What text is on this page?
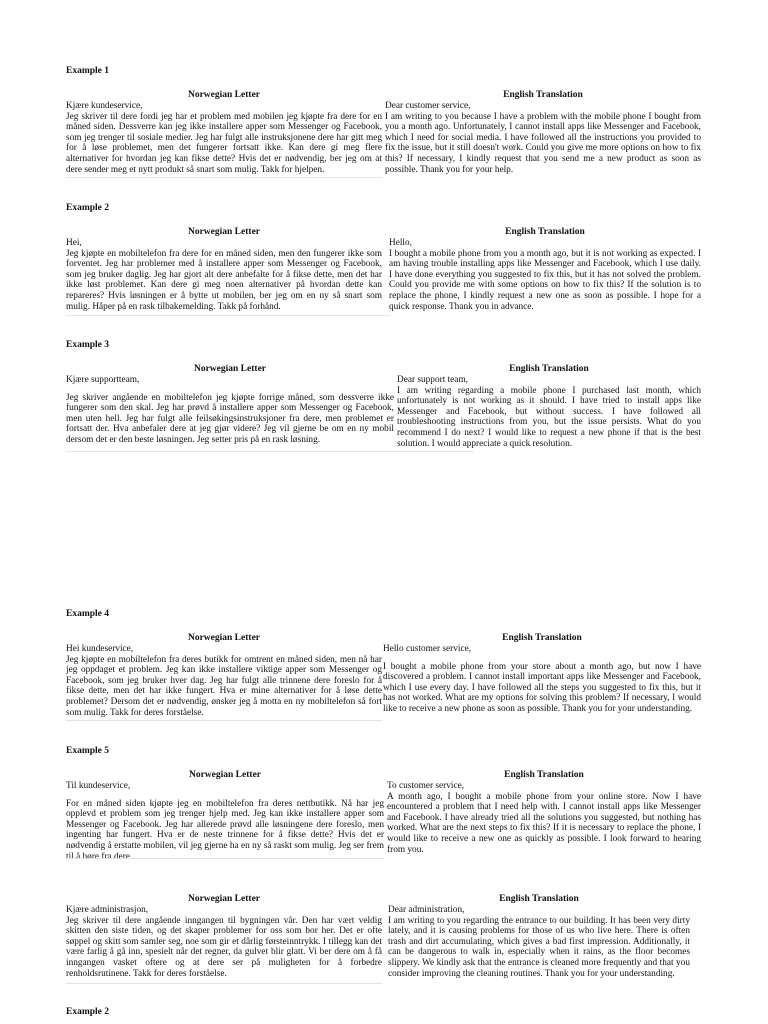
Example 1
Norwegian Letter
Kjære kundeservice,

Jeg skriver til dere fordi jeg har et problem med mobilen jeg kjøpte fra dere for en måned siden. Dessverre kan jeg ikke installere apper som Messenger og Facebook, som jeg trenger til sosiale medier. Jeg har fulgt alle instruksjonene dere har gitt meg for å løse problemet, men det fungerer fortsatt ikke. Kan dere gi meg flere alternativer for hvordan jeg kan fikse dette? Hvis det er nødvendig, ber jeg om at dere sender meg et nytt produkt så snart som mulig. Takk for hjelpen.

English Translation
Dear customer service,

I am writing to you because I have a problem with the mobile phone I bought from you a month ago. Unfortunately, I cannot install apps like Messenger and Facebook, which I need for social media. I have followed all the instructions you provided to fix the issue, but it still doesn't work. Could you give me more options on how to fix this? If necessary, I kindly request that you send me a new product as soon as possible. Thank you for your help.

Example 2
Norwegian Letter
Hei,

Jeg kjøpte en mobiltelefon fra dere for en måned siden, men den fungerer ikke som forventet. Jeg har problemer med å installere apper som Messenger og Facebook, som jeg bruker daglig. Jeg har gjort alt dere anbefalte for å fikse dette, men det har ikke løst problemet. Kan dere gi meg noen alternativer på hvordan dette kan repareres? Hvis løsningen er å bytte ut mobilen, ber jeg om en ny så snart som mulig. Håper på en rask tilbakemelding. Takk på forhånd.

English Translation
Hello,

I bought a mobile phone from you a month ago, but it is not working as expected. I am having trouble installing apps like Messenger and Facebook, which I use daily. I have done everything you suggested to fix this, but it has not solved the problem. Could you provide me with some options on how to fix this? If the solution is to replace the phone, I kindly request a new one as soon as possible. I hope for a quick response. Thank you in advance.

Example 3
Norwegian Letter
Kjære supportteam,

Jeg skriver angående en mobiltelefon jeg kjøpte forrige måned, som dessverre ikke fungerer som den skal. Jeg har prøvd å installere apper som Messenger og Facebook, men uten hell. Jeg har fulgt alle feilsøkingsinstruksjoner fra dere, men problemet er fortsatt der. Hva anbefaler dere at jeg gjør videre? Jeg vil gjerne be om en ny mobil dersom det er den beste løsningen. Jeg setter pris på en rask løsning.

English Translation
Dear support team,

I am writing regarding a mobile phone I purchased last month, which unfortunately is not working as it should. I have tried to install apps like Messenger and Facebook, but without success. I have followed all troubleshooting instructions from you, but the issue persists. What do you recommend I do next? I would like to request a new phone if that is the best solution. I would appreciate a quick resolution.

Example 4
Norwegian Letter
Hei kundeservice,

Jeg kjøpte en mobiltelefon fra deres butikk for omtrent en måned siden, men nå har jeg oppdaget et problem. Jeg kan ikke installere viktige apper som Messenger og Facebook, som jeg bruker hver dag. Jeg har fulgt alle trinnene dere foreslo for å fikse dette, men det har ikke fungert. Hva er mine alternativer for å løse dette problemet? Dersom det er nødvendig, ønsker jeg å motta en ny mobiltelefon så fort som mulig. Takk for deres forståelse.

English Translation
Hello customer service,

I bought a mobile phone from your store about a month ago, but now I have discovered a problem. I cannot install important apps like Messenger and Facebook, which I use every day. I have followed all the steps you suggested to fix this, but it has not worked. What are my options for solving this problem? If necessary, I would like to receive a new phone as soon as possible. Thank you for your understanding.

Example 5
Norwegian Letter
Til kundeservice,

For en måned siden kjøpte jeg en mobiltelefon fra deres nettbutikk. Nå har jeg opplevd et problem som jeg trenger hjelp med. Jeg kan ikke installere apper som Messenger og Facebook. Jeg har allerede prøvd alle løsningene dere foreslo, men ingenting har fungert. Hva er de neste trinnene for å fikse dette? Hvis det er nødvendig å erstatte mobilen, vil jeg gjerne ha en ny så raskt som mulig. Jeg ser frem til å høre fra dere.

English Translation
To customer service,

A month ago, I bought a mobile phone from your online store. Now I have encountered a problem that I need help with. I cannot install apps like Messenger and Facebook. I have already tried all the solutions you suggested, but nothing has worked. What are the next steps to fix this? If it is necessary to replace the phone, I would like to receive a new one as quickly as possible. I look forward to hearing from you.

Norwegian Letter
Kjære administrasjon,

Jeg skriver til dere angående inngangen til bygningen vår. Den har vært veldig skitten den siste tiden, og det skaper problemer for oss som bor her. Det er ofte søppel og skitt som samler seg, noe som gir et dårlig førsteinntrykk. I tillegg kan det være farlig å gå inn, spesielt når det regner, da gulvet blir glatt. Vi ber dere om å få inngangen vasket oftere og at dere ser på muligheten for å forbedre renholdsrutinene. Takk for deres forståelse.

English Translation
Dear administration,

I am writing to you regarding the entrance to our building. It has been very dirty lately, and it is causing problems for those of us who live here. There is often trash and dirt accumulating, which gives a bad first impression. Additionally, it can be dangerous to walk in, especially when it rains, as the floor becomes slippery. We kindly ask that the entrance is cleaned more frequently and that you consider improving the cleaning routines. Thank you for your understanding.

Example 2
